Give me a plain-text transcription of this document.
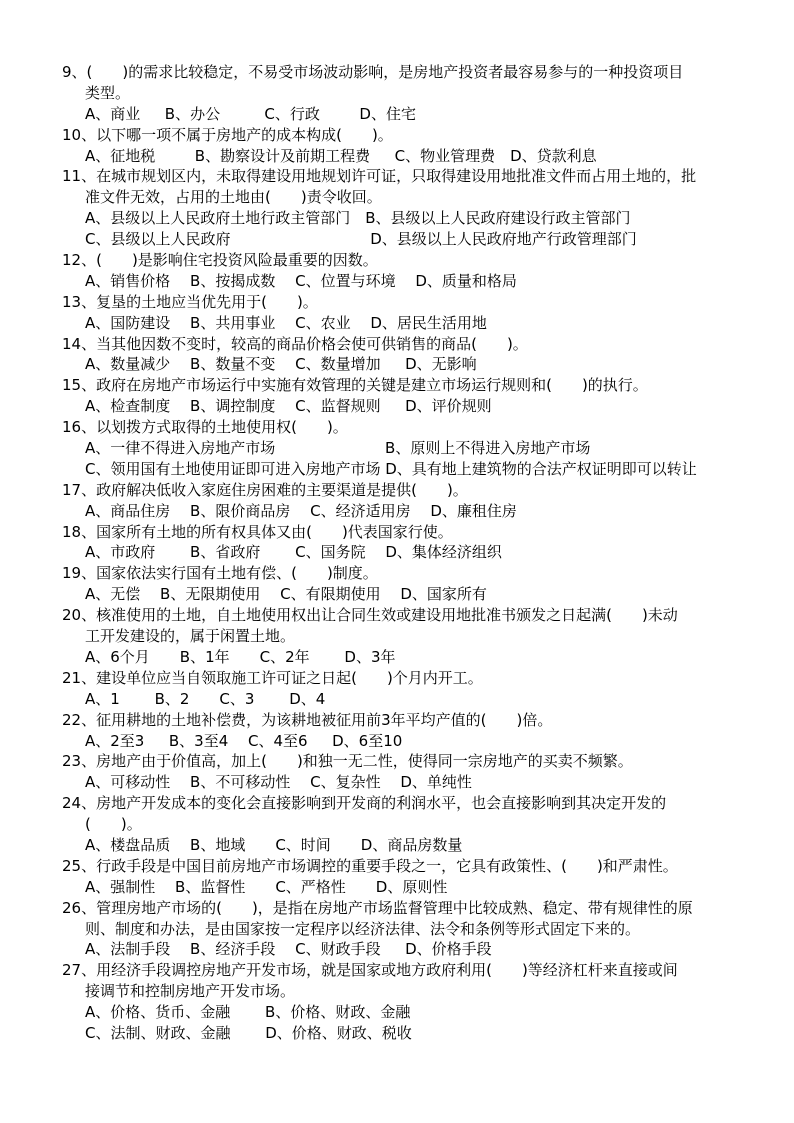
9、(　　)的需求比较稳定，不易受市场波动影响，是房地产投资者最容易参与的一种投资项目
类型。
A、商业　  B、办公　　   C、行政　　  D、住宅
10、以下哪一项不属于房地产的成本构成(　　)。
A、征地税　　  B、勘察设计及前期工程费　  C、物业管理费　D、贷款利息
11、在城市规划区内，未取得建设用地规划许可证，只取得建设用地批准文件而占用土地的，批
准文件无效，占用的土地由(　　)责令收回。
A、县级以上人民政府土地行政主管部门　B、县级以上人民政府建设行政主管部门
C、县级以上人民政府　　　　　　　　　 D、县级以上人民政府地产行政管理部门
12、(　　)是影响住宅投资风险最重要的因数。
A、销售价格　 B、按揭成数　 C、位置与环境　 D、质量和格局
13、复垦的土地应当优先用于(　　)。
A、国防建设　 B、共用事业　 C、农业　 D、居民生活用地
14、当其他因数不变时，较高的商品价格会使可供销售的商品(　　)。
A、数量减少　 B、数量不变　 C、数量增加　  D、无影响
15、政府在房地产市场运行中实施有效管理的关键是建立市场运行规则和(　　)的执行。
A、检查制度　 B、调控制度　 C、监督规则　  D、评价规则
16、以划拨方式取得的土地使用权(　　)。
A、一律不得进入房地产市场　　　　　　　 B、原则上不得进入房地产市场
C、领用国有土地使用证即可进入房地产市场 D、具有地上建筑物的合法产权证明即可以转让
17、政府解决低收入家庭住房困难的主要渠道是提供(　　)。
A、商品住房　 B、限价商品房　 C、经济适用房　 D、廉租住房
18、国家所有土地的所有权具体又由(　　)代表国家行使。
A、市政府　　 B、省政府　　 C、国务院　 D、集体经济组织
19、国家依法实行国有土地有偿、(　　)制度。
A、无偿　 B、无限期使用　 C、有限期使用　 D、国家所有
20、核准使用的土地，自土地使用权出让合同生效或建设用地批准书颁发之日起满(　　)未动
工开发建设的，属于闲置土地。
A、6个月　　B、1年　　C、2年　　 D、3年
21、建设单位应当自领取施工许可证之日起(　　)个月内开工。
A、1　　 B、2　　C、3　　 D、4
22、征用耕地的土地补偿费，为该耕地被征用前3年平均产值的(　　)倍。
A、2至3　  B、3至4　 C、4至6　  D、6至10
23、房地产由于价值高，加上(　　)和独一无二性，使得同一宗房地产的买卖不频繁。
A、可移动性　 B、不可移动性　 C、复杂性　 D、单纯性
24、房地产开发成本的变化会直接影响到开发商的利润水平，也会直接影响到其决定开发的
(　　)。
A、楼盘品质　 B、地域　　C、时间　　D、商品房数量
25、行政手段是中国目前房地产市场调控的重要手段之一，它具有政策性、(　　)和严肃性。
A、强制性　 B、监督性　　C、严格性　　D、原则性
26、管理房地产市场的(　　)，是指在房地产市场监督管理中比较成熟、稳定、带有规律性的原
则、制度和办法，是由国家按一定程序以经济法律、法令和条例等形式固定下来的。
A、法制手段　 B、经济手段　 C、财政手段　  D、价格手段
27、用经济手段调控房地产开发市场，就是国家或地方政府利用(　　)等经济杠杆来直接或间
接调节和控制房地产开发市场。
A、价格、货币、金融　　 B、价格、财政、金融
C、法制、财政、金融　　 D、价格、财政、税收
